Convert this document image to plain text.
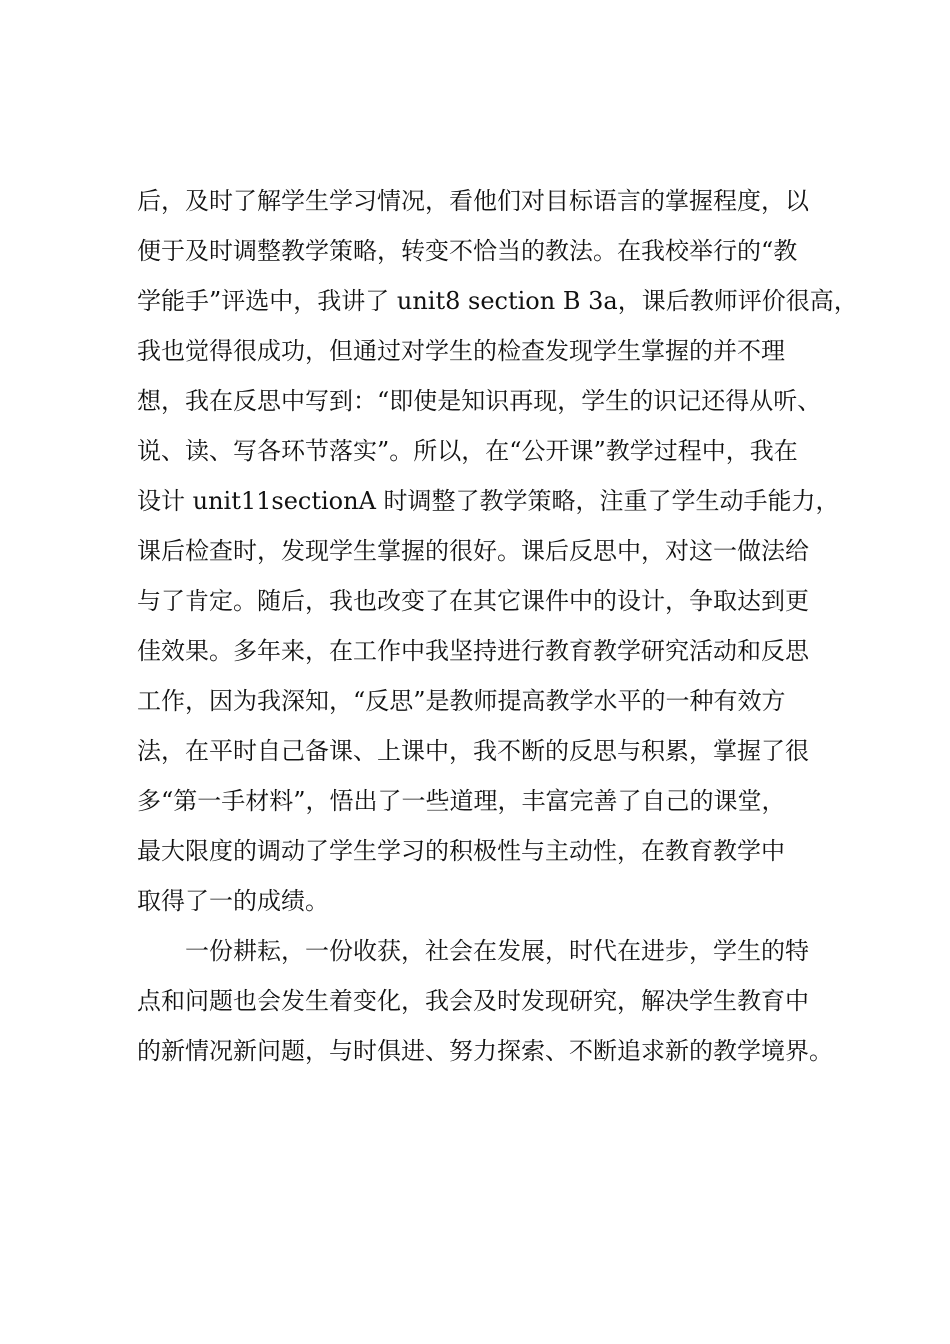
后，及时了解学生学习情况，看他们对目标语言的掌握程度，以
便于及时调整教学策略，转变不恰当的教法。在我校举行的“教
学能手”评选中，我讲了 unit8 section B 3a，课后教师评价很高，
我也觉得很成功，但通过对学生的检查发现学生掌握的并不理
想，我在反思中写到：“即使是知识再现，学生的识记还得从听、
说、读、写各环节落实”。所以，在“公开课”教学过程中，我在
设计 unit11sectionA 时调整了教学策略，注重了学生动手能力，
课后检查时，发现学生掌握的很好。课后反思中，对这一做法给
与了肯定。随后，我也改变了在其它课件中的设计，争取达到更
佳效果。多年来，在工作中我坚持进行教育教学研究活动和反思
工作，因为我深知，“反思”是教师提高教学水平的一种有效方
法，在平时自己备课、上课中，我不断的反思与积累，掌握了很
多“第一手材料”，悟出了一些道理，丰富完善了自己的课堂，
最大限度的调动了学生学习的积极性与主动性，在教育教学中
取得了一的成绩。
一份耕耘，一份收获，社会在发展，时代在进步，学生的特
点和问题也会发生着变化，我会及时发现研究，解决学生教育中
的新情况新问题，与时俱进、努力探索、不断追求新的教学境界。
